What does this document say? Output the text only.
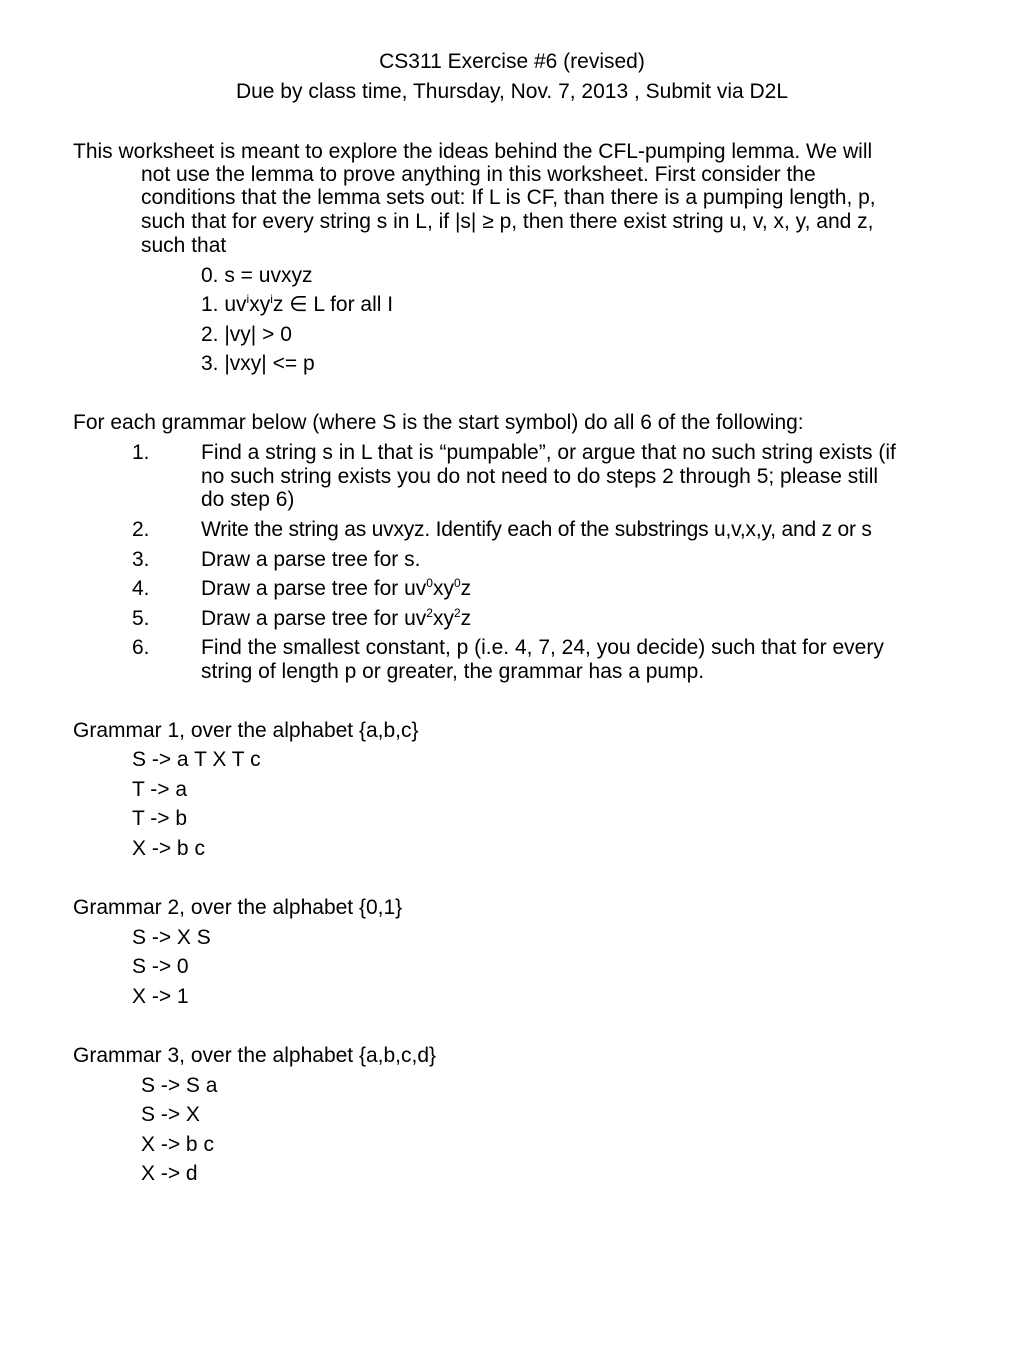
CS311 Exercise #6 (revised)
Due by class time, Thursday, Nov. 7, 2013 , Submit via D2L
This worksheet is meant to explore the ideas behind the CFL-pumping lemma. We will
not use the lemma to prove anything in this worksheet. First consider the
conditions that the lemma sets out: If L is CF, than there is a pumping length, p,
such that for every string s in L, if |s| ≥ p, then there exist string u, v, x, y, and z,
such that
0. s = uvxyz
1. $uv^ixy^iz$ ∈ L for all I
2. |vy| > 0
3. |vxy| <= p
For each grammar below (where S is the start symbol) do all 6 of the following:
1. Find a string s in L that is “pumpable”, or argue that no such string exists (if
no such string exists you do not need to do steps 2 through 5; please still
do step 6)
2. Write the string as uvxyz. Identify each of the substrings u,v,x,y, and z or s
3. Draw a parse tree for s.
4. Draw a parse tree for $uv^0xy^0z$
5. Draw a parse tree for $uv^2xy^2z$
6. Find the smallest constant, p (i.e. 4, 7, 24, you decide) such that for every
string of length p or greater, the grammar has a pump.
Grammar 1, over the alphabet {a,b,c}
S -> a T X T c
T -> a
T -> b
X -> b c
Grammar 2, over the alphabet {0,1}
S -> X S
S -> 0
X -> 1
Grammar 3, over the alphabet {a,b,c,d}
S -> S a
S -> X
X -> b c
X -> d
